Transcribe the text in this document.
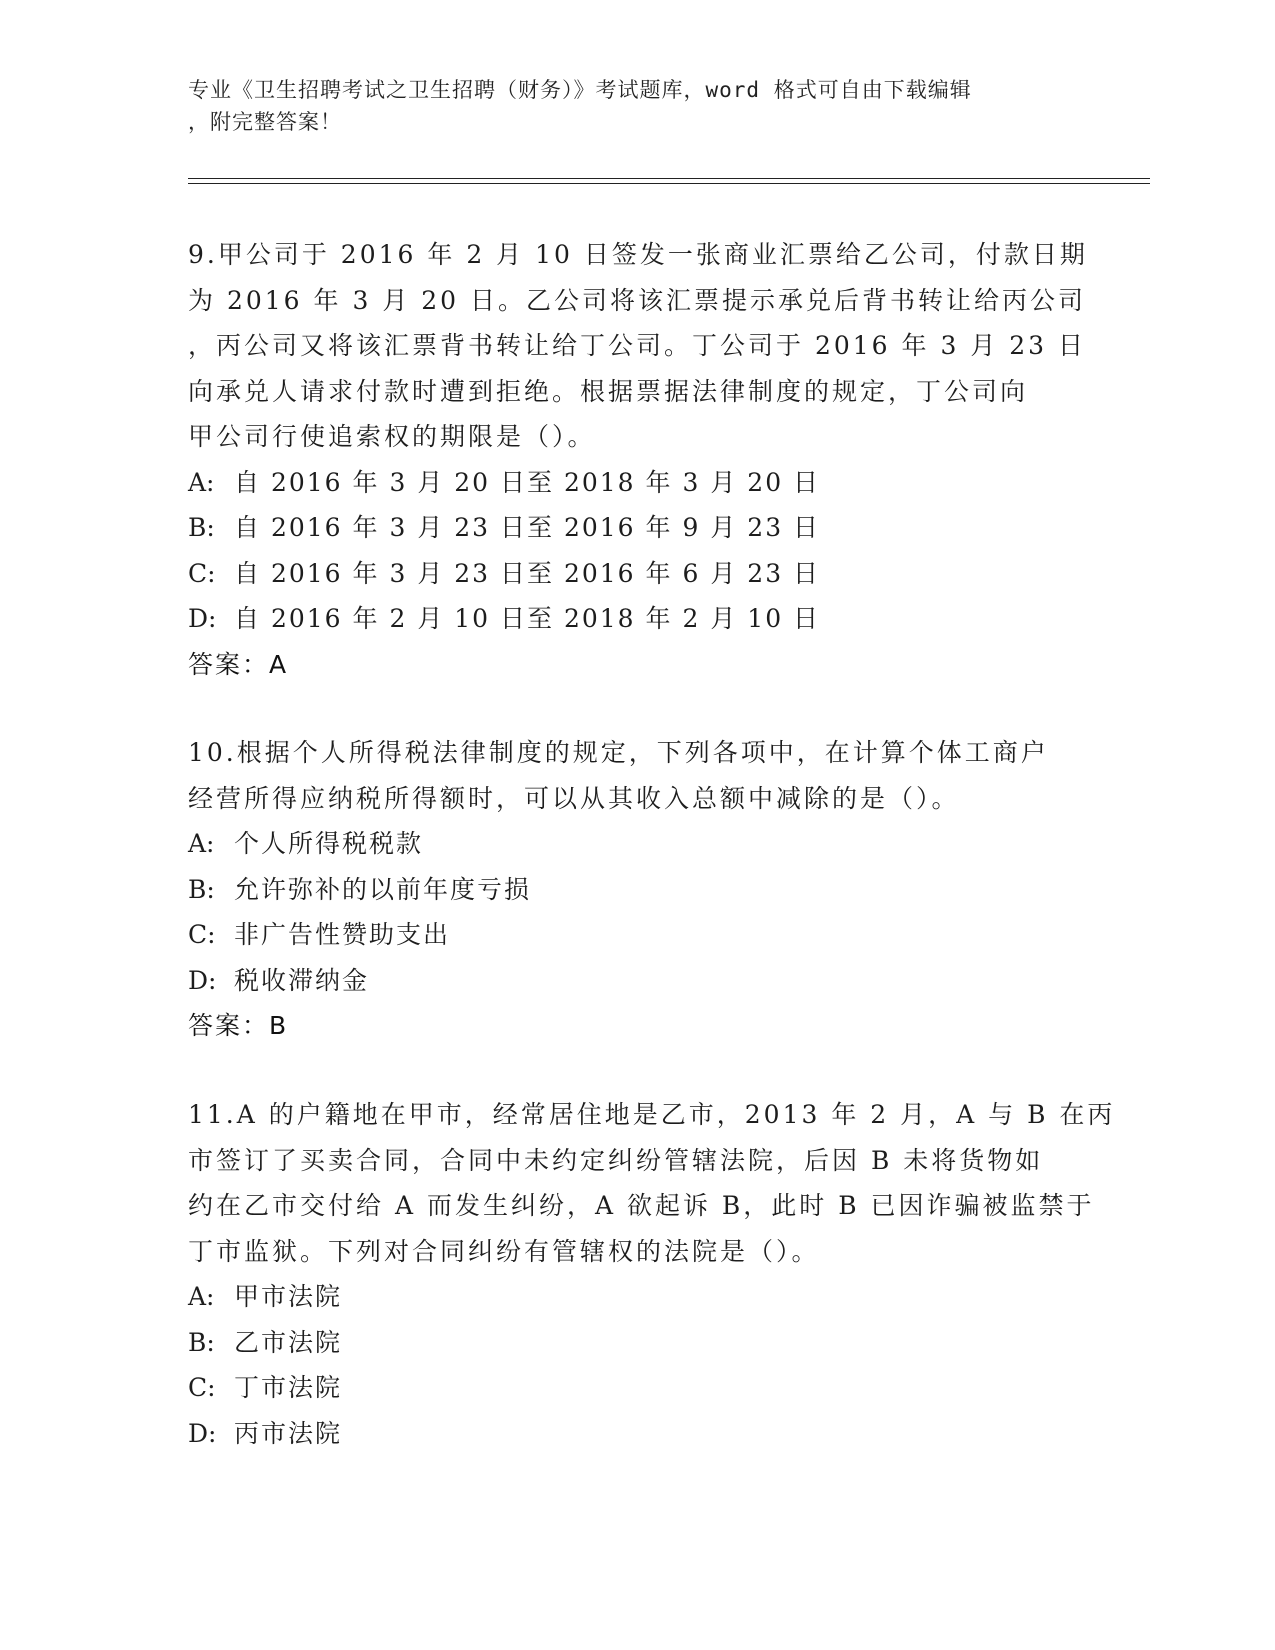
专业《卫生招聘考试之卫生招聘（财务）》考试题库，word 格式可自由下载编辑
，附完整答案！
9.甲公司于 2016 年 2 月 10 日签发一张商业汇票给乙公司，付款日期
为 2016 年 3 月 20 日。乙公司将该汇票提示承兑后背书转让给丙公司
，丙公司又将该汇票背书转让给丁公司。丁公司于 2016 年 3 月 23 日
向承兑人请求付款时遭到拒绝。根据票据法律制度的规定，丁公司向
甲公司行使追索权的期限是（）。
A: 自 2016 年 3 月 20 日至 2018 年 3 月 20 日
B: 自 2016 年 3 月 23 日至 2016 年 9 月 23 日
C: 自 2016 年 3 月 23 日至 2016 年 6 月 23 日
D: 自 2016 年 2 月 10 日至 2018 年 2 月 10 日
答案：A
10.根据个人所得税法律制度的规定，下列各项中，在计算个体工商户
经营所得应纳税所得额时，可以从其收入总额中减除的是（）。
A: 个人所得税税款
B: 允许弥补的以前年度亏损
C: 非广告性赞助支出
D: 税收滞纳金
答案：B
11.A 的户籍地在甲市，经常居住地是乙市，2013 年 2 月，A 与 B 在丙
市签订了买卖合同，合同中未约定纠纷管辖法院，后因 B 未将货物如
约在乙市交付给 A 而发生纠纷，A 欲起诉 B，此时 B 已因诈骗被监禁于
丁市监狱。下列对合同纠纷有管辖权的法院是（）。
A: 甲市法院
B: 乙市法院
C: 丁市法院
D: 丙市法院
